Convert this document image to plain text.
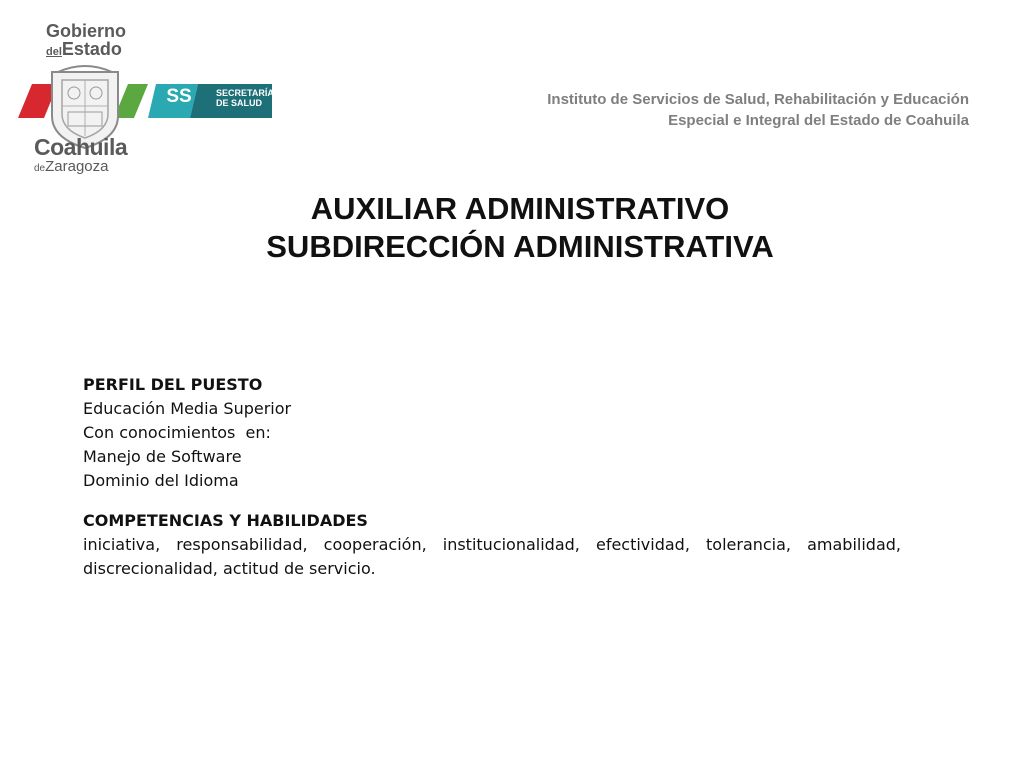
Gobierno
delEstado
SS	SECRETARÍA
DE SALUD
Coahuila
deZaragoza
Instituto de Servicios de Salud, Rehabilitación y Educación
Especial e Integral del Estado de Coahuila
AUXILIAR ADMINISTRATIVO
SUBDIRECCIÓN ADMINISTRATIVA
PERFIL DEL PUESTO
Educación Media Superior
Con conocimientos  en:
Manejo de Software
Dominio del Idioma
COMPETENCIAS Y HABILIDADES
iniciativa, responsabilidad, cooperación, institucionalidad, efectividad, tolerancia, amabilidad, discrecionalidad, actitud de servicio.
